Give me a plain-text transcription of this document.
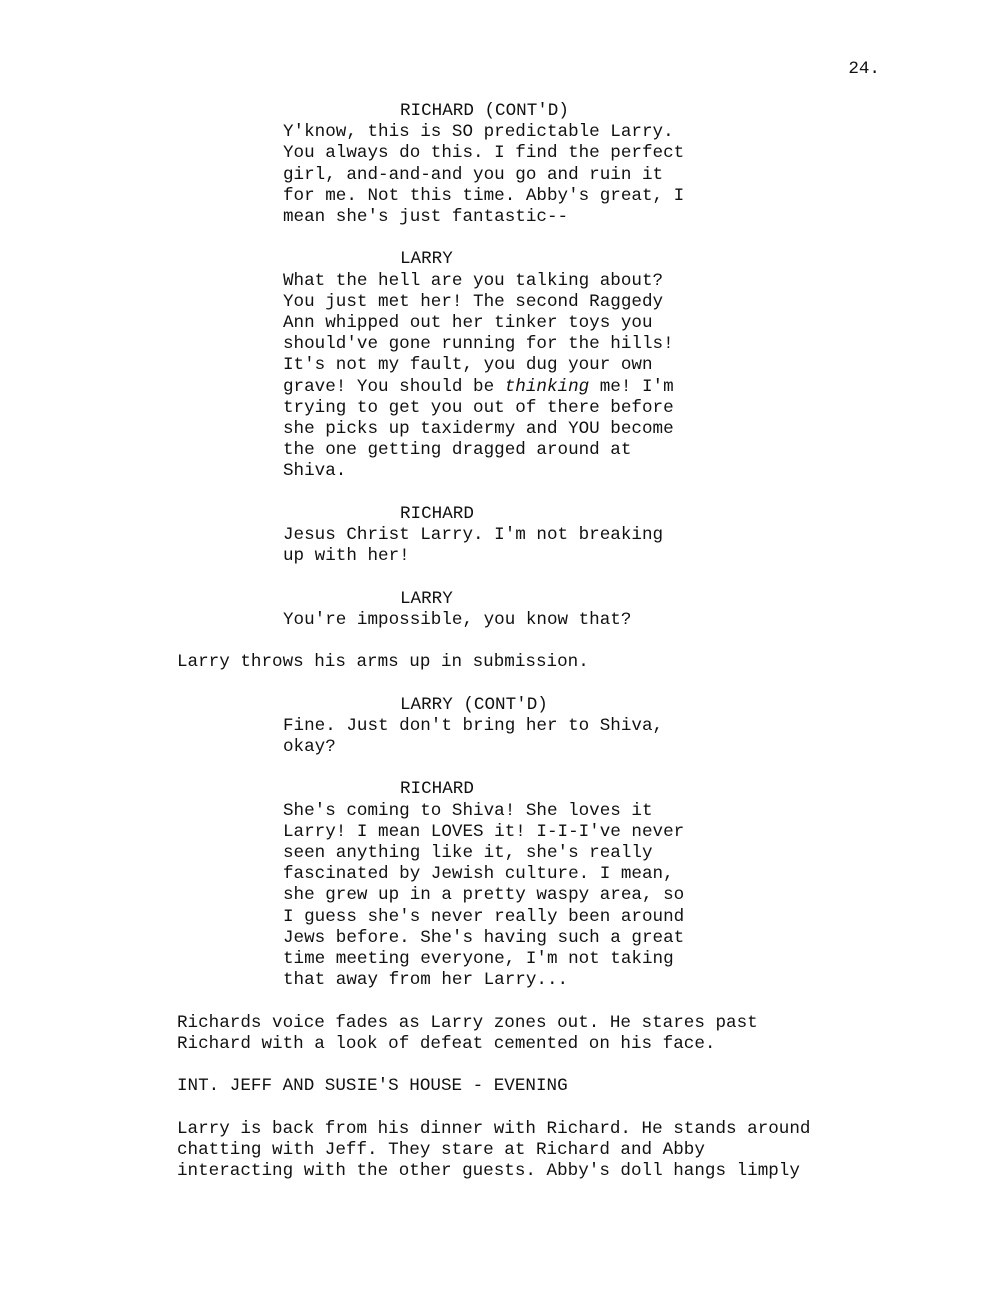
24.
RICHARD (CONT'D)
Y'know, this is SO predictable Larry.
You always do this. I find the perfect
girl, and-and-and you go and ruin it
for me. Not this time. Abby's great, I
mean she's just fantastic--
LARRY
What the hell are you talking about?
You just met her! The second Raggedy
Ann whipped out her tinker toys you
should've gone running for the hills!
It's not my fault, you dug your own
grave! You should be thinking me! I'm
trying to get you out of there before
she picks up taxidermy and YOU become
the one getting dragged around at
Shiva.
RICHARD
Jesus Christ Larry. I'm not breaking
up with her!
LARRY
You're impossible, you know that?
Larry throws his arms up in submission.
LARRY (CONT'D)
Fine. Just don't bring her to Shiva,
okay?
RICHARD
She's coming to Shiva! She loves it
Larry! I mean LOVES it! I-I-I've never
seen anything like it, she's really
fascinated by Jewish culture. I mean,
she grew up in a pretty waspy area, so
I guess she's never really been around
Jews before. She's having such a great
time meeting everyone, I'm not taking
that away from her Larry...
Richards voice fades as Larry zones out. He stares past
Richard with a look of defeat cemented on his face.
INT. JEFF AND SUSIE'S HOUSE - EVENING
Larry is back from his dinner with Richard. He stands around
chatting with Jeff. They stare at Richard and Abby
interacting with the other guests. Abby's doll hangs limply
